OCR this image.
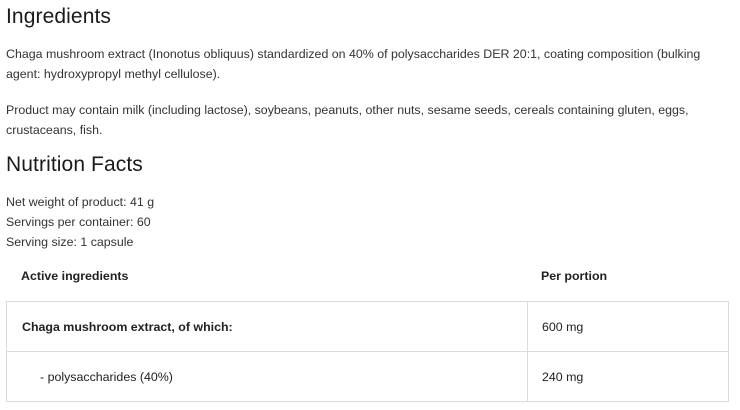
Ingredients
Chaga mushroom extract (Inonotus obliquus) standardized on 40% of polysaccharides DER 20:1, coating composition (bulking agent: hydroxypropyl methyl cellulose).
Product may contain milk (including lactose), soybeans, peanuts, other nuts, sesame seeds, cereals containing gluten, eggs, crustaceans, fish.
Nutrition Facts
Net weight of product: 41 g
Servings per container: 60
Serving size: 1 capsule
Active ingredients	Per portion
Chaga mushroom extract, of which:	600 mg
- polysaccharides (40%)	240 mg
